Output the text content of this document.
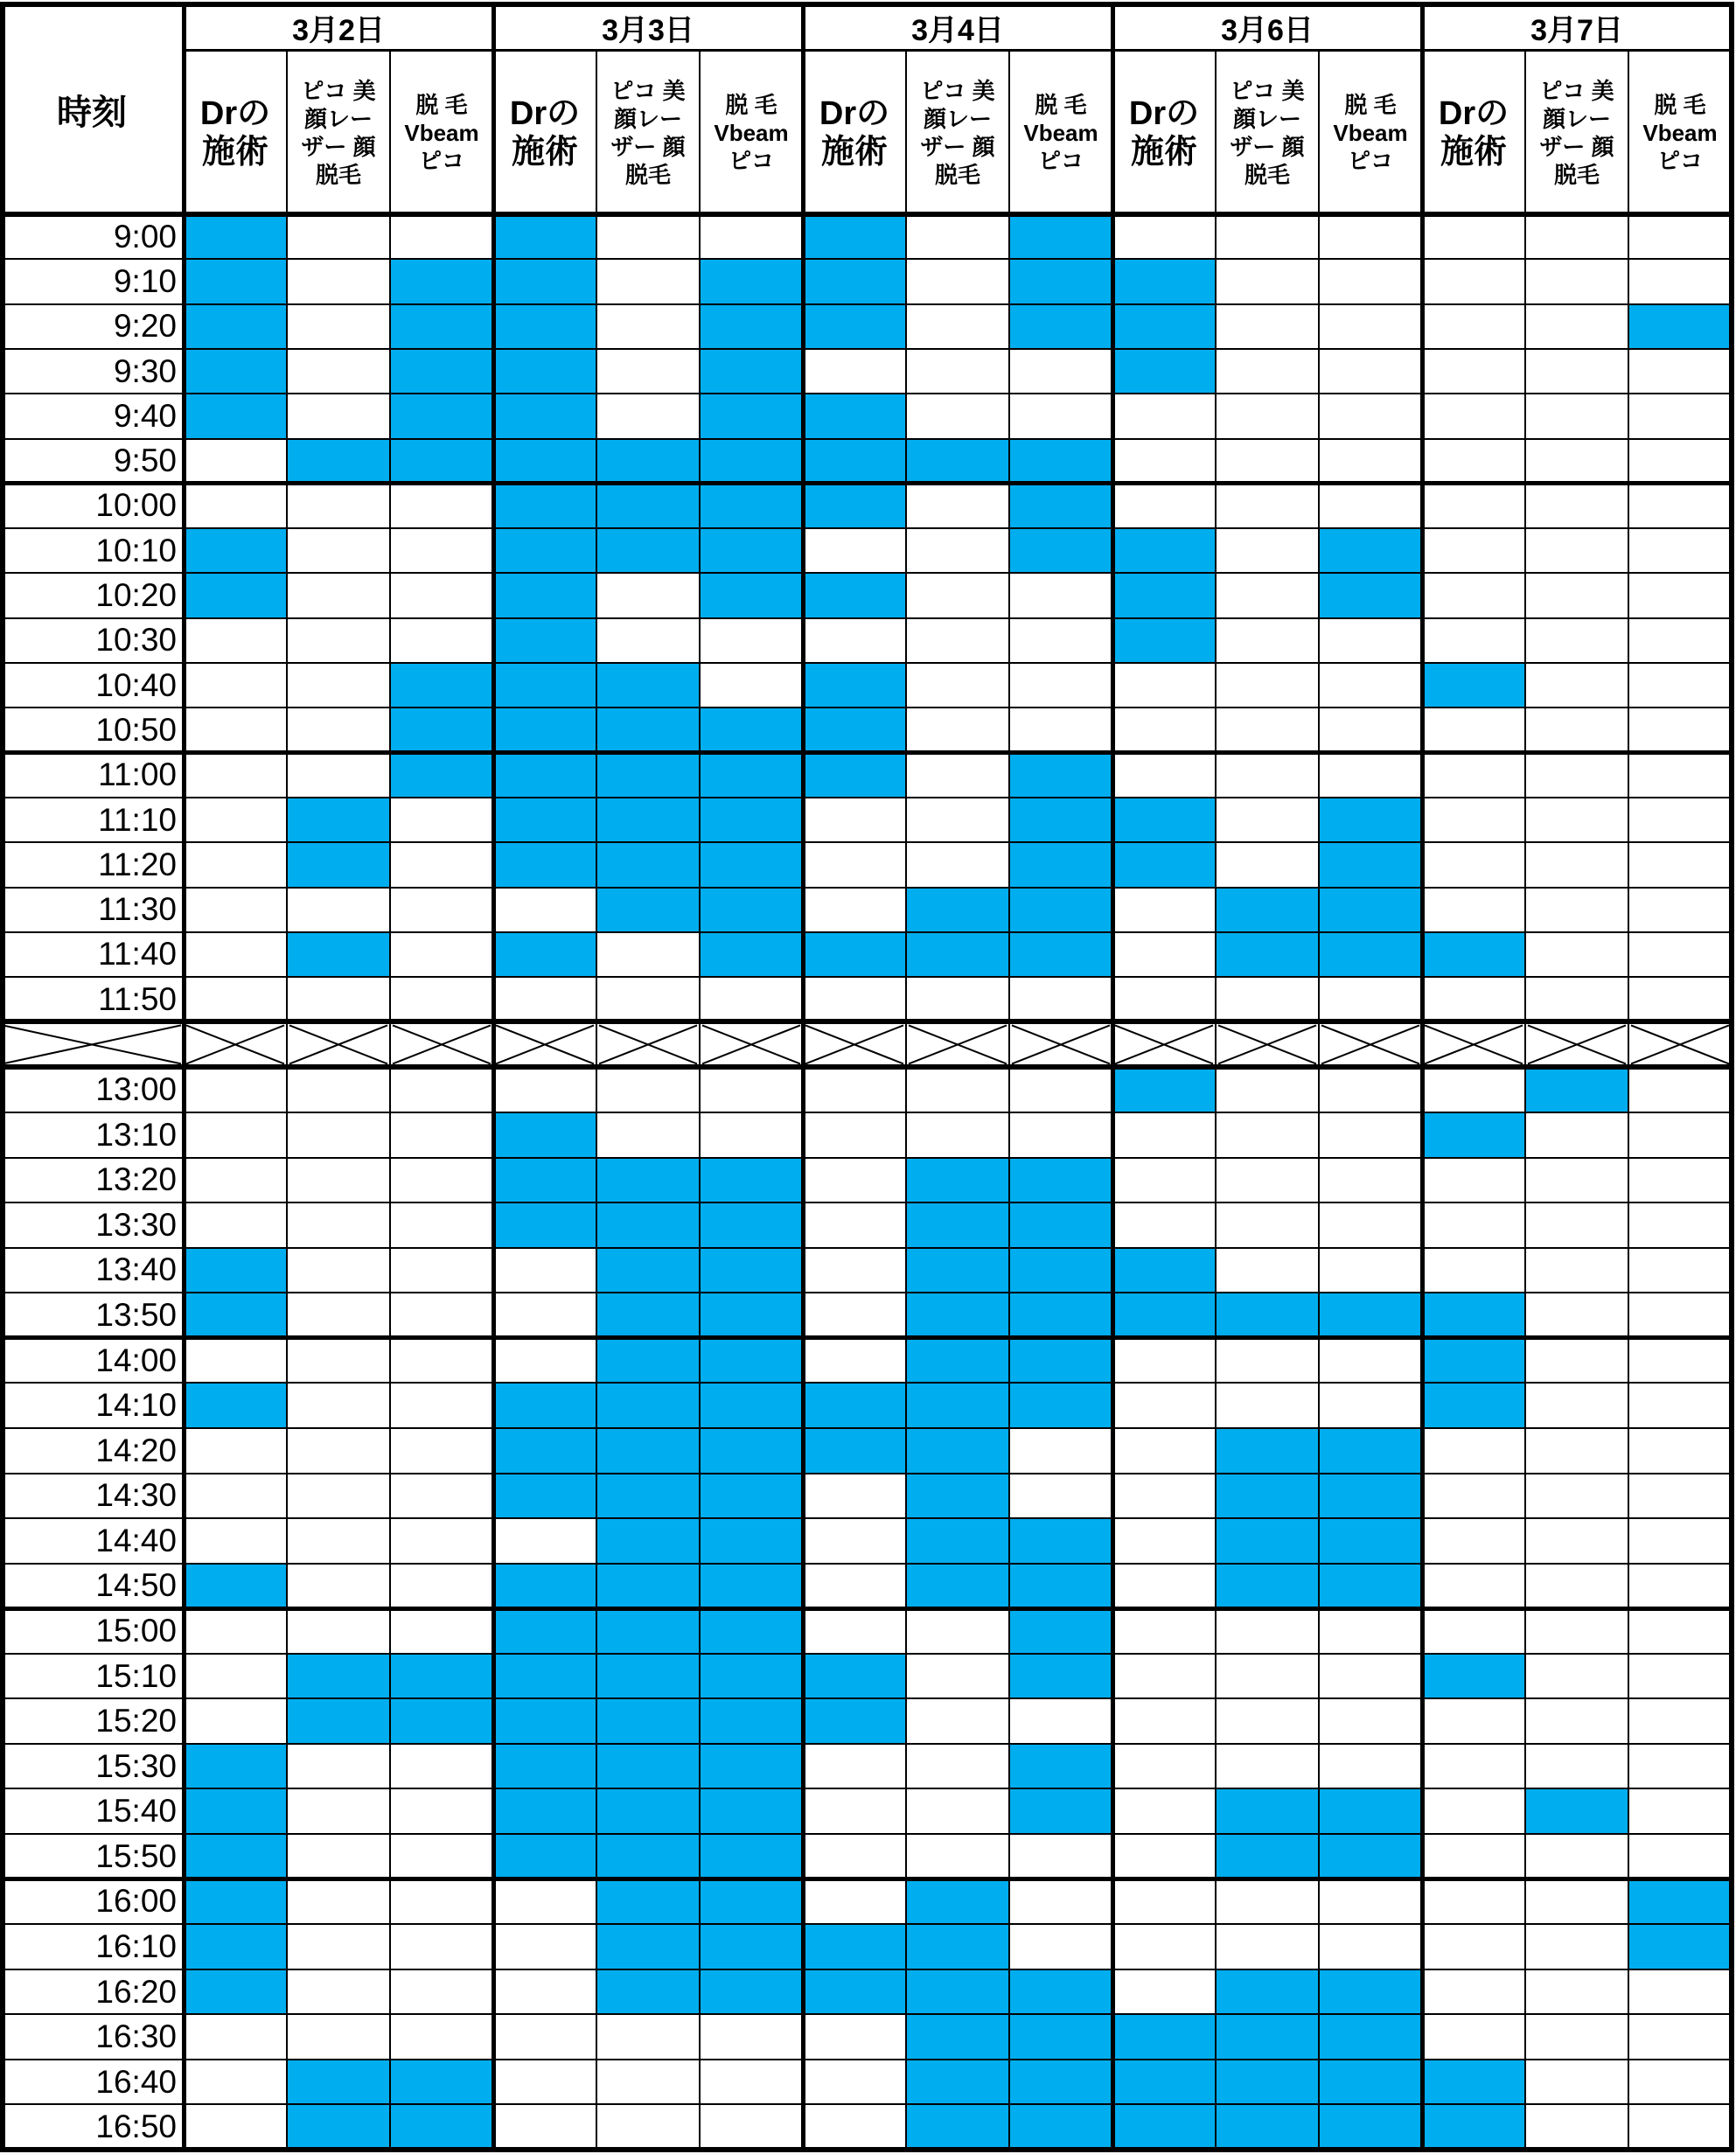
時刻
3月2日
Drの
施術
ピコ 美
顔レー
ザー 顔
脱毛
脱 毛
Vbeam
ピコ
3月3日
Drの
施術
ピコ 美
顔レー
ザー 顔
脱毛
脱 毛
Vbeam
ピコ
3月4日
Drの
施術
ピコ 美
顔レー
ザー 顔
脱毛
脱 毛
Vbeam
ピコ
3月6日
Drの
施術
ピコ 美
顔レー
ザー 顔
脱毛
脱 毛
Vbeam
ピコ
3月7日
Drの
施術
ピコ 美
顔レー
ザー 顔
脱毛
脱 毛
Vbeam
ピコ
9:00
9:10
9:20
9:30
9:40
9:50
10:00
10:10
10:20
10:30
10:40
10:50
11:00
11:10
11:20
11:30
11:40
11:50
13:00
13:10
13:20
13:30
13:40
13:50
14:00
14:10
14:20
14:30
14:40
14:50
15:00
15:10
15:20
15:30
15:40
15:50
16:00
16:10
16:20
16:30
16:40
16:50
